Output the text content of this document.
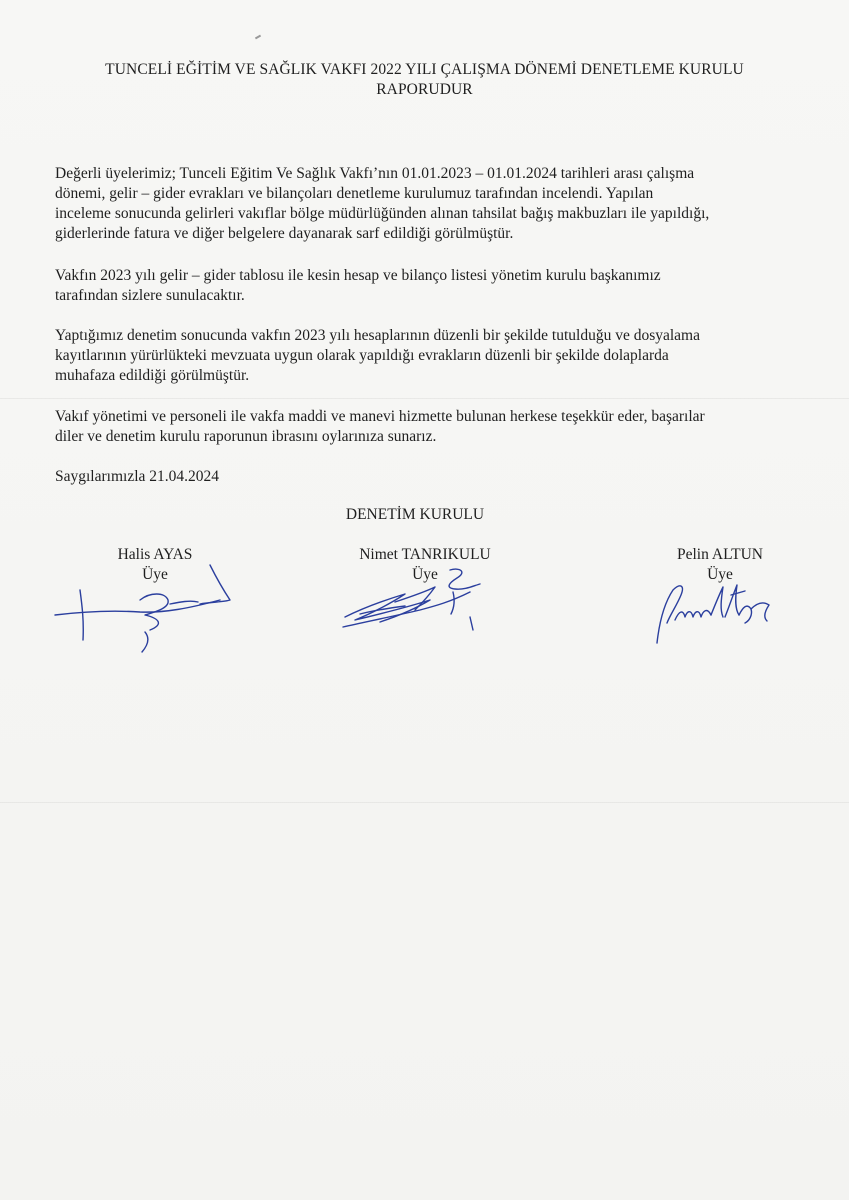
TUNCELİ EĞİTİM VE SAĞLIK VAKFI 2022 YILI ÇALIŞMA DÖNEMİ DENETLEME KURULU
RAPORUDUR

Değerli üyelerimiz; Tunceli Eğitim Ve Sağlık Vakfı’nın 01.01.2023 – 01.01.2024 tarihleri arası çalışma
dönemi, gelir – gider evrakları ve bilançoları denetleme kurulumuz tarafından incelendi. Yapılan
inceleme sonucunda gelirleri vakıflar bölge müdürlüğünden alınan tahsilat bağış makbuzları ile yapıldığı,
giderlerinde fatura ve diğer belgelere dayanarak sarf edildiği görülmüştür.

Vakfın 2023 yılı gelir – gider tablosu ile kesin hesap ve bilanço listesi yönetim kurulu başkanımız
tarafından sizlere sunulacaktır.

Yaptığımız denetim sonucunda vakfın 2023 yılı hesaplarının düzenli bir şekilde tutulduğu ve dosyalama
kayıtlarının yürürlükteki mevzuata uygun olarak yapıldığı evrakların düzenli bir şekilde dolaplarda
muhafaza edildiği görülmüştür.

Vakıf yönetimi ve personeli ile vakfa maddi ve manevi hizmette bulunan herkese teşekkür eder, başarılar
diler ve denetim kurulu raporunun ibrasını oylarınıza sunarız.

Saygılarımızla 21.04.2024

DENETİM KURULU
Halis AYAS
Üye
Nimet TANRIKULU
Üye
Pelin ALTUN
Üye
